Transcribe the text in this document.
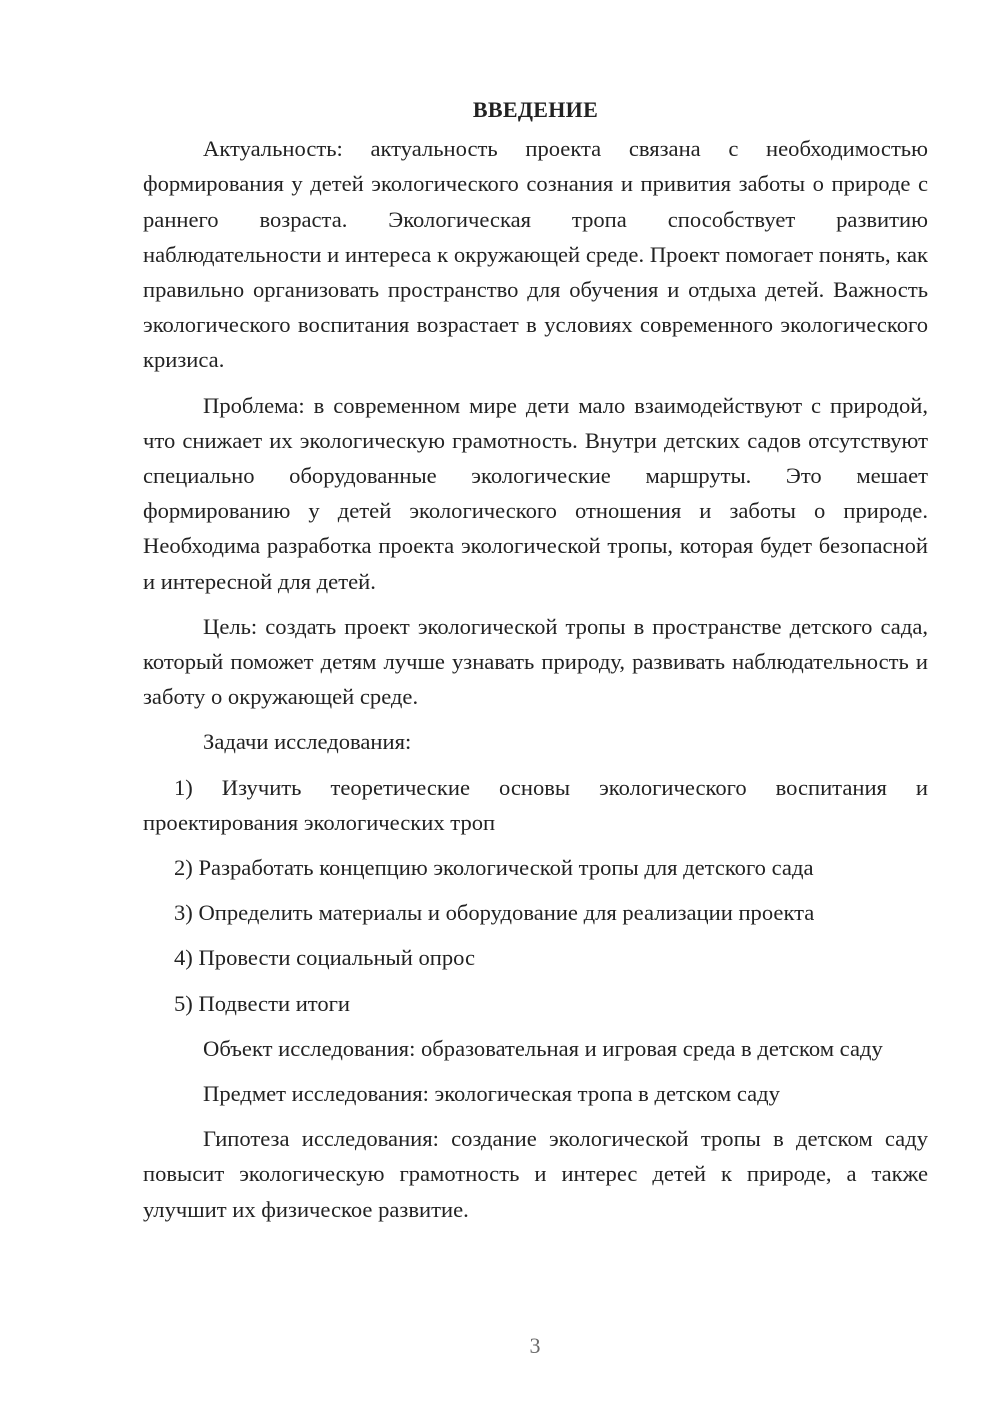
ВВЕДЕНИЕ

Актуальность: актуальность проекта связана с необходимостью формирования у детей экологического сознания и привития заботы о природе с раннего возраста. Экологическая тропа способствует развитию наблюдательности и интереса к окружающей среде. Проект помогает понять, как правильно организовать пространство для обучения и отдыха детей. Важность экологического воспитания возрастает в условиях современного экологического кризиса.

Проблема: в современном мире дети мало взаимодействуют с природой, что снижает их экологическую грамотность. Внутри детских садов отсутствуют специально оборудованные экологические маршруты. Это мешает формированию у детей экологического отношения и заботы о природе. Необходима разработка проекта экологической тропы, которая будет безопасной и интересной для детей.

Цель: создать проект экологической тропы в пространстве детского сада, который поможет детям лучше узнавать природу, развивать наблюдательность и заботу о окружающей среде.

Задачи исследования:

1) Изучить теоретические основы экологического воспитания и проектирования экологических троп

2) Разработать концепцию экологической тропы для детского сада

3) Определить материалы и оборудование для реализации проекта

4) Провести социальный опрос

5) Подвести итоги

Объект исследования: образовательная и игровая среда в детском саду

Предмет исследования: экологическая тропа в детском саду

Гипотеза исследования: создание экологической тропы в детском саду повысит экологическую грамотность и интерес детей к природе, а также улучшит их физическое развитие.

3
